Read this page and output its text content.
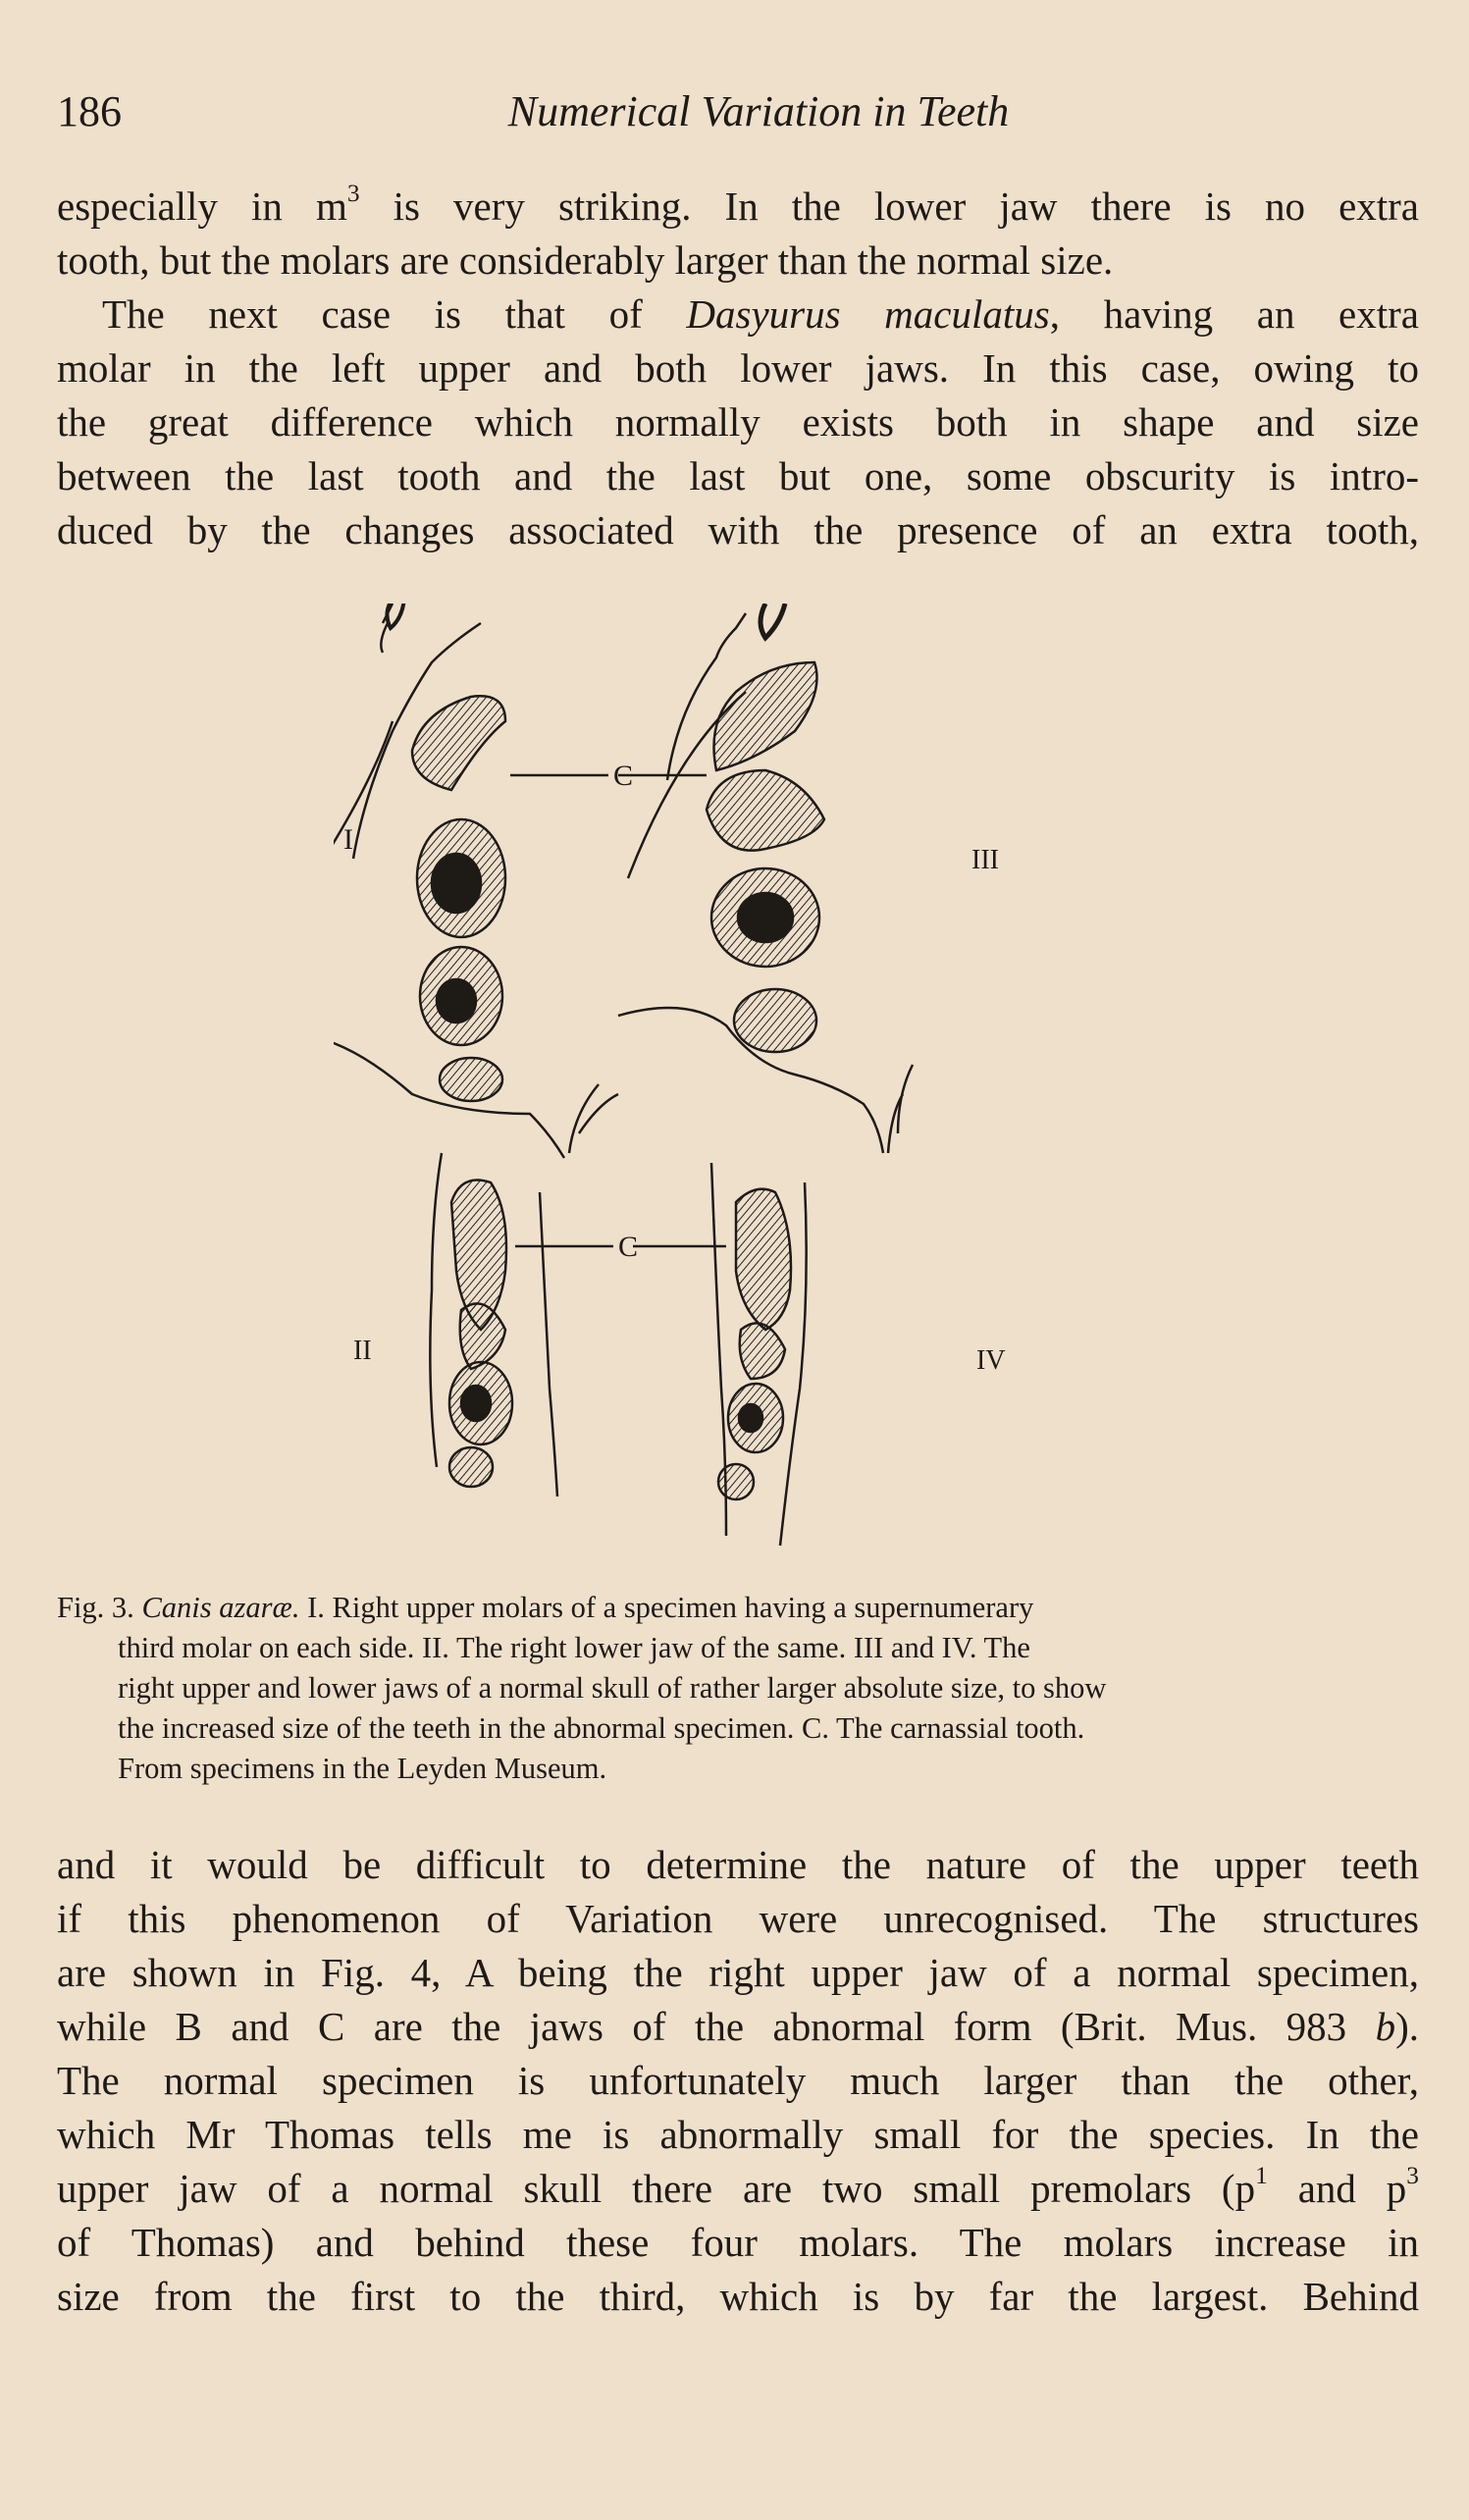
186	Numerical Variation in Teeth

especially in $m^3$ is very striking. In the lower jaw there is no extra
tooth, but the molars are considerably larger than the normal size.

The next case is that of Dasyurus maculatus, having an extra
molar in the left upper and both lower jaws. In this case, owing to
the great difference which normally exists both in shape and size
between the last tooth and the last but one, some obscurity is intro-
duced by the changes associated with the presence of an extra tooth,

I
C
III
II
C
IV

Fig. 3. Canis azaræ. I. Right upper molars of a specimen having a supernumerary
third molar on each side. II. The right lower jaw of the same. III and IV. The
right upper and lower jaws of a normal skull of rather larger absolute size, to show
the increased size of the teeth in the abnormal specimen. C. The carnassial tooth.
From specimens in the Leyden Museum.

and it would be difficult to determine the nature of the upper teeth
if this phenomenon of Variation were unrecognised. The structures
are shown in Fig. 4, A being the right upper jaw of a normal specimen,
while B and C are the jaws of the abnormal form (Brit. Mus. 983 b).
The normal specimen is unfortunately much larger than the other,
which Mr Thomas tells me is abnormally small for the species. In the
upper jaw of a normal skull there are two small premolars ($p^1$ and $p^3$
of Thomas) and behind these four molars. The molars increase in
size from the first to the third, which is by far the largest. Behind
